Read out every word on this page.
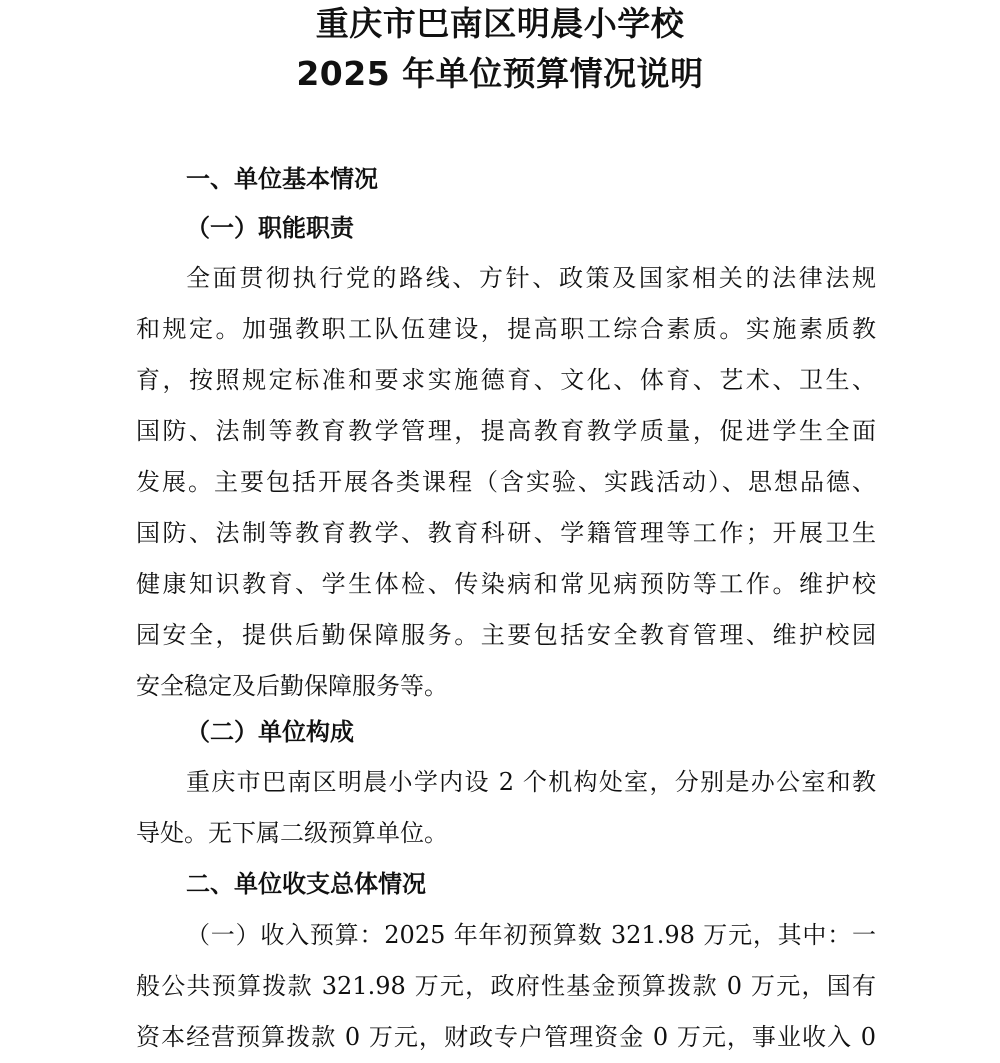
重庆市巴南区明晨小学校
2025 年单位预算情况说明
一、单位基本情况
（一）职能职责
全面贯彻执行党的路线、方针、政策及国家相关的法律法规
和规定。加强教职工队伍建设，提高职工综合素质。实施素质教
育，按照规定标准和要求实施德育、文化、体育、艺术、卫生、
国防、法制等教育教学管理，提高教育教学质量，促进学生全面
发展。主要包括开展各类课程（含实验、实践活动）、思想品德、
国防、法制等教育教学、教育科研、学籍管理等工作；开展卫生
健康知识教育、学生体检、传染病和常见病预防等工作。维护校
园安全，提供后勤保障服务。主要包括安全教育管理、维护校园
安全稳定及后勤保障服务等。
（二）单位构成
重庆市巴南区明晨小学内设 2 个机构处室，分别是办公室和教
导处。无下属二级预算单位。
二、单位收支总体情况
（一）收入预算：2025 年年初预算数 321.98 万元，其中：一
般公共预算拨款 321.98 万元，政府性基金预算拨款 0 万元，国有
资本经营预算拨款 0 万元，财政专户管理资金 0 万元，事业收入 0
